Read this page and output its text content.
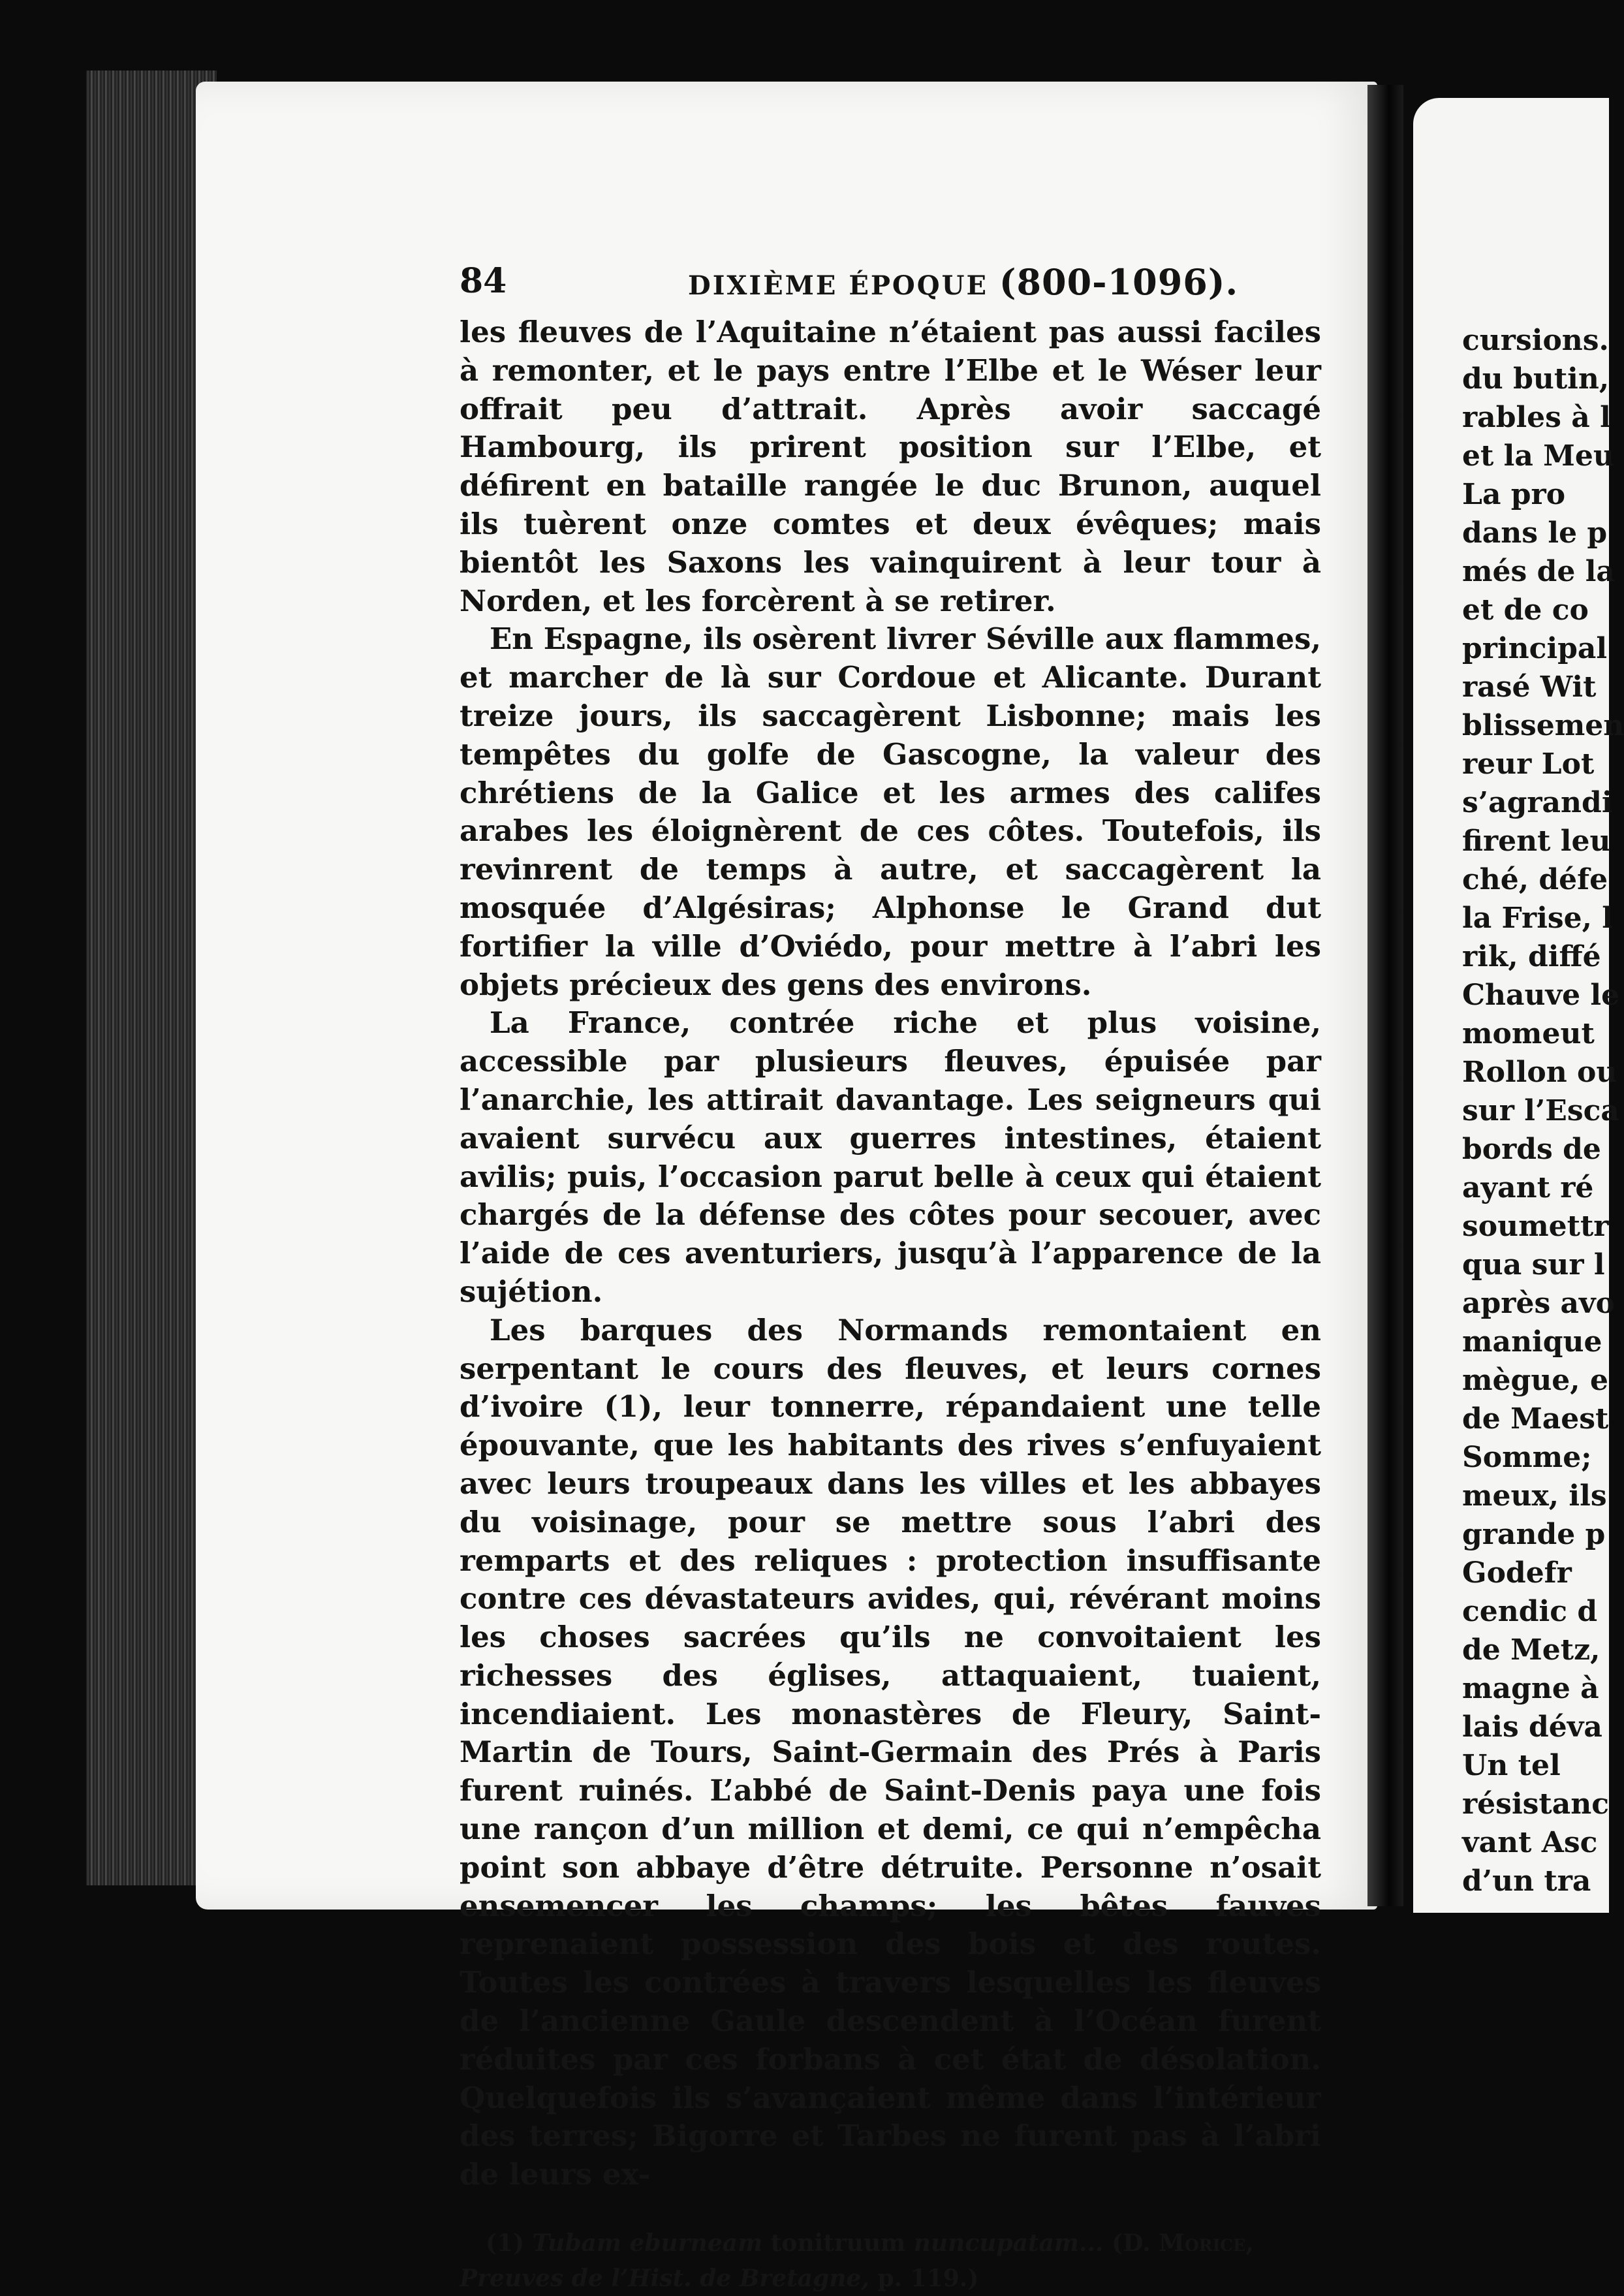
84	DIXIÈME ÉPOQUE (800-1096).

les fleuves de l’Aquitaine n’étaient pas aussi faciles à remonter, et le pays entre l’Elbe et le Wéser leur offrait peu d’attrait. Après avoir saccagé Hambourg, ils prirent position sur l’Elbe, et défirent en bataille rangée le duc Brunon, auquel ils tuèrent onze comtes et deux évêques; mais bientôt les Saxons les vainquirent à leur tour à Norden, et les forcèrent à se retirer.

En Espagne, ils osèrent livrer Séville aux flammes, et marcher de là sur Cordoue et Alicante. Durant treize jours, ils saccagèrent Lisbonne; mais les tempêtes du golfe de Gascogne, la valeur des chrétiens de la Galice et les armes des califes arabes les éloignèrent de ces côtes. Toutefois, ils revinrent de temps à autre, et saccagèrent la mosquée d’Algésiras; Alphonse le Grand dut fortifier la ville d’Oviédo, pour mettre à l’abri les objets précieux des gens des environs.

La France, contrée riche et plus voisine, accessible par plusieurs fleuves, épuisée par l’anarchie, les attirait davantage. Les seigneurs qui avaient survécu aux guerres intestines, étaient avilis; puis, l’occasion parut belle à ceux qui étaient chargés de la défense des côtes pour secouer, avec l’aide de ces aventuriers, jusqu’à l’apparence de la sujétion.

Les barques des Normands remontaient en serpentant le cours des fleuves, et leurs cornes d’ivoire (1), leur tonnerre, répandaient une telle épouvante, que les habitants des rives s’enfuyaient avec leurs troupeaux dans les villes et les abbayes du voisinage, pour se mettre sous l’abri des remparts et des reliques : protection insuffisante contre ces dévastateurs avides, qui, révérant moins les choses sacrées qu’ils ne convoitaient les richesses des églises, attaquaient, tuaient, incendiaient. Les monastères de Fleury, Saint-Martin de Tours, Saint-Germain des Prés à Paris furent ruinés. L’abbé de Saint-Denis paya une fois une rançon d’un million et demi, ce qui n’empêcha point son abbaye d’être détruite. Personne n’osait ensemencer les champs; les bêtes fauves reprenaient possession des bois et des routes. Toutes les contrées à travers lesquelles les fleuves de l’ancienne Gaule descendent à l’Océan furent réduites par ces forbans à cet état de désolation. Quelquefois ils s’avançaient même dans l’intérieur des terres; Bigorre et Tarbes ne furent pas à l’abri de leurs ex-

(1) Tubam eburneam tonitruum nuncupatam... (D. Morice, Preuves de l’Hist. de Bretagne, p. 119.)
cursions.
du butin,
rables à l
et la Meu
La pro
dans le p
més de la
et de co
principal
rasé Wit
blissemen
reur Lot
s’agrandi
firent leu
ché, défe
la Frise, l
rik, diffé
Chauve le
momeut
Rollon ou
sur l’Esca
bords de
ayant ré
soumettr
qua sur l
après avo
manique
mègue, e
de Maest
Somme;
meux, ils
grande p
Godefr
cendic d
de Metz,
magne à
lais déva
Un tel
résistanc
vant Asc
d’un tra
